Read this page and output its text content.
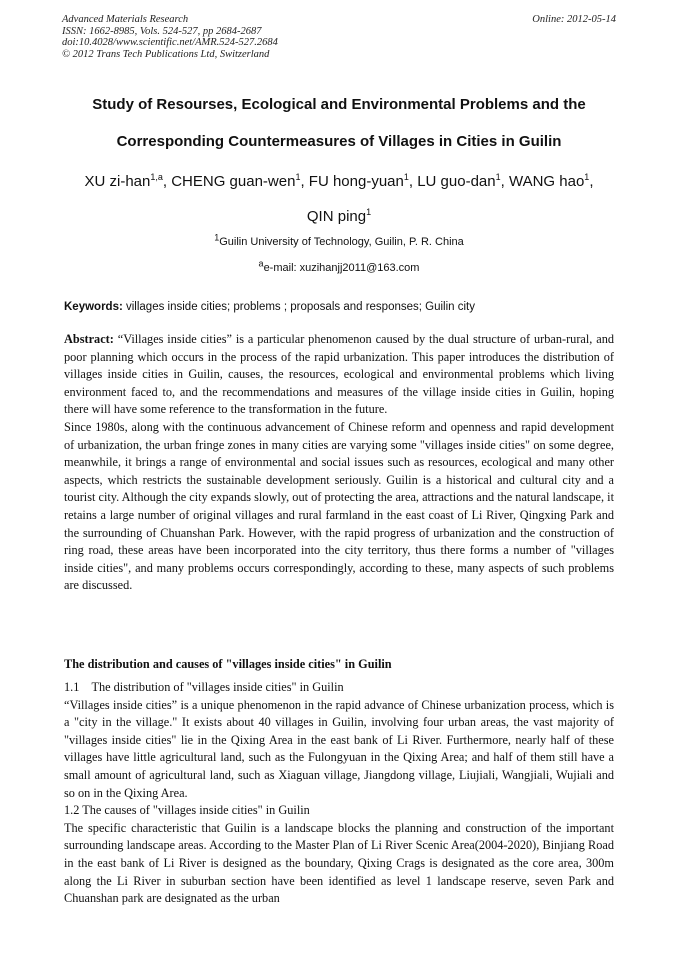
Advanced Materials Research
ISSN: 1662-8985, Vols. 524-527, pp 2684-2687
doi:10.4028/www.scientific.net/AMR.524-527.2684
© 2012 Trans Tech Publications Ltd, Switzerland
Online: 2012-05-14
Study of Resourses, Ecological and Environmental Problems and the
Corresponding Countermeasures of Villages in Cities in Guilin
XU zi-han$^{1,a}$, CHENG guan-wen$^1$, FU hong-yuan$^1$, LU guo-dan$^1$, WANG hao$^1$,
QIN ping$^1$
$^1$Guilin University of Technology, Guilin, P. R. China
$^a$e-mail: xuzihanjj2011@163.com
Keywords: villages inside cities; problems ; proposals and responses; Guilin city

Abstract: “Villages inside cities” is a particular phenomenon caused by the dual structure of urban-rural, and poor planning which occurs in the process of the rapid urbanization. This paper introduces the distribution of villages inside cities in Guilin, causes, the resources, ecological and environmental problems which living environment faced to, and the recommendations and measures of the village inside cities in Guilin, hoping there will have some reference to the transformation in the future.

Since 1980s, along with the continuous advancement of Chinese reform and openness and rapid development of urbanization, the urban fringe zones in many cities are varying some "villages inside cities" on some degree, meanwhile, it brings a range of environmental and social issues such as resources, ecological and many other aspects, which restricts the sustainable development seriously. Guilin is a historical and cultural city and a tourist city. Although the city expands slowly, out of protecting the area, attractions and the natural landscape, it retains a large number of original villages and rural farmland in the east coast of Li River, Qingxing Park and the surrounding of Chuanshan Park. However, with the rapid progress of urbanization and the construction of ring road, these areas have been incorporated into the city territory, thus there forms a number of "villages inside cities", and many problems occurs correspondingly, according to these, many aspects of such problems are discussed.

The distribution and causes of "villages inside cities" in Guilin

1.1    The distribution of "villages inside cities" in Guilin

“Villages inside cities” is a unique phenomenon in the rapid advance of Chinese urbanization process, which is a "city in the village." It exists about 40 villages in Guilin, involving four urban areas, the vast majority of "villages inside cities" lie in the Qixing Area in the east bank of Li River. Furthermore, nearly half of these villages have little agricultural land, such as the Fulongyuan in the Qixing Area; and half of them still have a small amount of agricultural land, such as Xiaguan village, Jiangdong village, Liujiali, Wangjiali, Wujiali and so on in the Qixing Area.

1.2 The causes of "villages inside cities" in Guilin

The specific characteristic that Guilin is a landscape blocks the planning and construction of the important surrounding landscape areas. According to the Master Plan of Li River Scenic Area(2004-2020), Binjiang Road in the east bank of Li River is designed as the boundary, Qixing Crags is designated as the core area, 300m along the Li River in suburban section have been identified as level 1 landscape reserve, seven Park and Chuanshan park are designated as the urban
